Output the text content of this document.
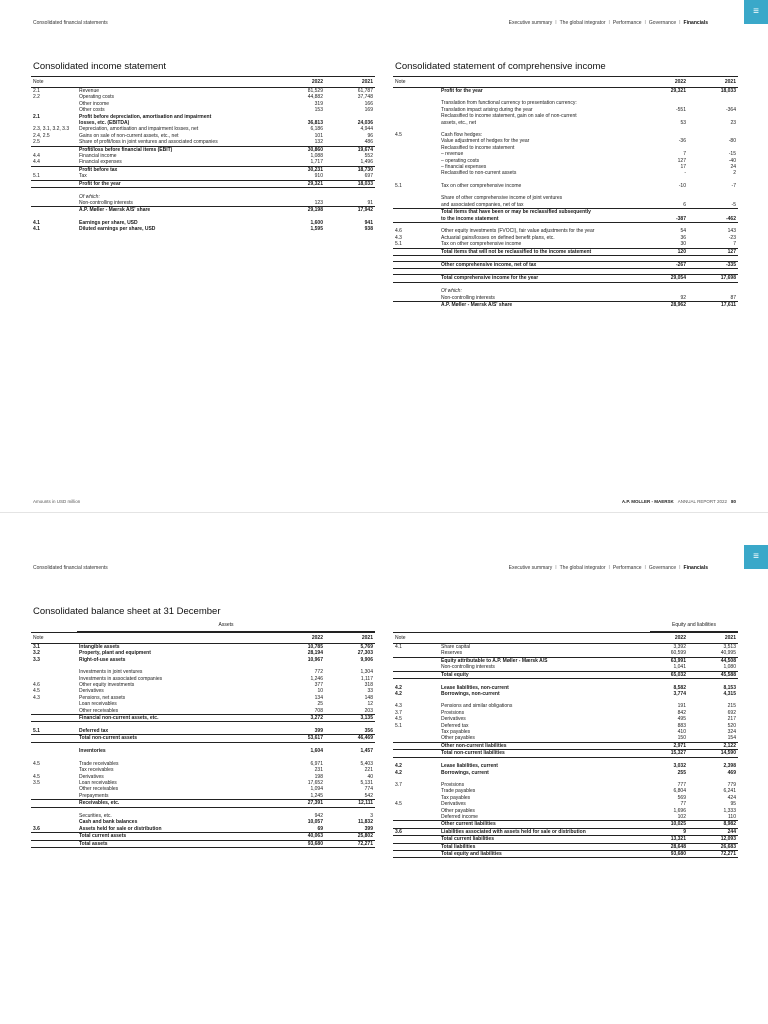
Consolidated financial statements	Executive summary I The global integrator I Performance I Governance I Financials
≡
Consolidated income statement
Note		2022	2021
2.1	Revenue	81,529	61,787
2.2	Operating costs	44,882	37,748
	Other income	319	166
	Other costs	153	169
2.1	Profit before depreciation, amortisation and impairment		
	losses, etc. (EBITDA)	36,813	24,036
2.3, 3.1, 3.2, 3.3	Depreciation, amortisation and impairment losses, net	6,186	4,944
2.4, 2.5	Gains on sale of non-current assets, etc., net	101	96
2.5	Share of profit/loss in joint ventures and associated companies	132	486
	Profit/loss before financial items (EBIT)	30,860	19,674
4.4	Financial income	1,088	552
4.4	Financial expenses	1,717	1,496
	Profit before tax	30,231	18,730
5.1	Tax	910	697
	Profit for the year	29,321	18,033

	Of which:		
	Non-controlling interests	123	91
	A.P. Møller - Mærsk A/S' share	29,198	17,942

4.1	Earnings per share, USD	1,600	941
4.1	Diluted earnings per share, USD	1,595	938
Consolidated statement of comprehensive income
Note		2022	2021
	Profit for the year	29,321	18,033

	Translation from functional currency to presentation currency:		
	Translation impact arising during the year	-551	-364
	Reclassified to income statement, gain on sale of non-current		
	assets, etc., net	53	23

4.5	Cash flow hedges:		
	Value adjustment of hedges for the year	-36	-80
	Reclassified to income statement		
	– revenue	7	-15
	– operating costs	127	-40
	– financial expenses	17	24
	Reclassified to non-current assets	-	2

5.1	Tax on other comprehensive income	-10	-7

	Share of other comprehensive income of joint ventures		
	and associated companies, net of tax	6	-5
	Total items that have been or may be reclassified subsequently		
	to the income statement	-387	-462

4.6	Other equity investments (FVOCI), fair value adjustments for the year	54	143
4.3	Actuarial gains/losses on defined benefit plans, etc.	36	-23
5.1	Tax on other comprehensive income	30	7
	Total items that will not be reclassified to the income statement	120	127

	Other comprehensive income, net of tax	-267	-335

	Total comprehensive income for the year	29,054	17,698

	Of which:		
	Non-controlling interests	92	87
	A.P. Møller - Mærsk A/S' share	28,962	17,611
Amounts in USD million	A.P. MOLLER - MAERSK ANNUAL REPORT 2022 80
Consolidated financial statements	Executive summary I The global integrator I Performance I Governance I Financials
≡
Consolidated balance sheet at 31 December
Assets
Note		2022	2021
3.1	Intangible assets	10,785	5,769
3.2	Property, plant and equipment	28,194	27,303
3.3	Right-of-use assets	10,967	9,906

	Investments in joint ventures	772	1,304
	Investments in associated companies	1,246	1,117
4.6	Other equity investments	377	318
4.5	Derivatives	10	33
4.3	Pensions, net assets	134	148
	Loan receivables	25	12
	Other receivables	708	203
	Financial non-current assets, etc.	3,272	3,135

5.1	Deferred tax	399	356
	Total non-current assets	53,617	46,469

	Inventories	1,604	1,457

4.5	Trade receivables	6,971	5,403
	Tax receivables	231	221
4.5	Derivatives	198	40
3.5	Loan receivables	17,652	5,131
	Other receivables	1,094	774
	Prepayments	1,245	542
	Receivables, etc.	27,391	12,111

	Securities, etc.	942	3
	Cash and bank balances	10,057	11,832
3.6	Assets held for sale or distribution	69	399
	Total current assets	40,063	25,802
	Total assets	93,680	72,271
Equity and liabilities
Note		2022	2021
4.1	Share capital	3,392	3,513
	Reserves	60,599	40,995
	Equity attributable to A.P. Møller - Mærsk A/S	63,991	44,508
	Non-controlling interests	1,041	1,080
	Total equity	65,032	45,588

4.2	Lease liabilities, non-current	8,582	8,153
4.2	Borrowings, non-current	3,774	4,315

4.3	Pensions and similar obligations	191	215
3.7	Provisions	842	692
4.5	Derivatives	495	217
5.1	Deferred tax	883	520
	Tax payables	410	324
	Other payables	150	154
	Other non-current liabilities	2,971	2,122
	Total non-current liabilities	15,327	14,590

4.2	Lease liabilities, current	3,032	2,398
4.2	Borrowings, current	255	469

3.7	Provisions	777	779
	Trade payables	6,804	6,241
	Tax payables	569	424
4.5	Derivatives	77	95
	Other payables	1,696	1,333
	Deferred income	102	110
	Other current liabilities	10,025	8,982
3.6	Liabilities associated with assets held for sale or distribution	9	244
	Total current liabilities	13,321	12,093
	Total liabilities	28,648	26,683
	Total equity and liabilities	93,680	72,271
